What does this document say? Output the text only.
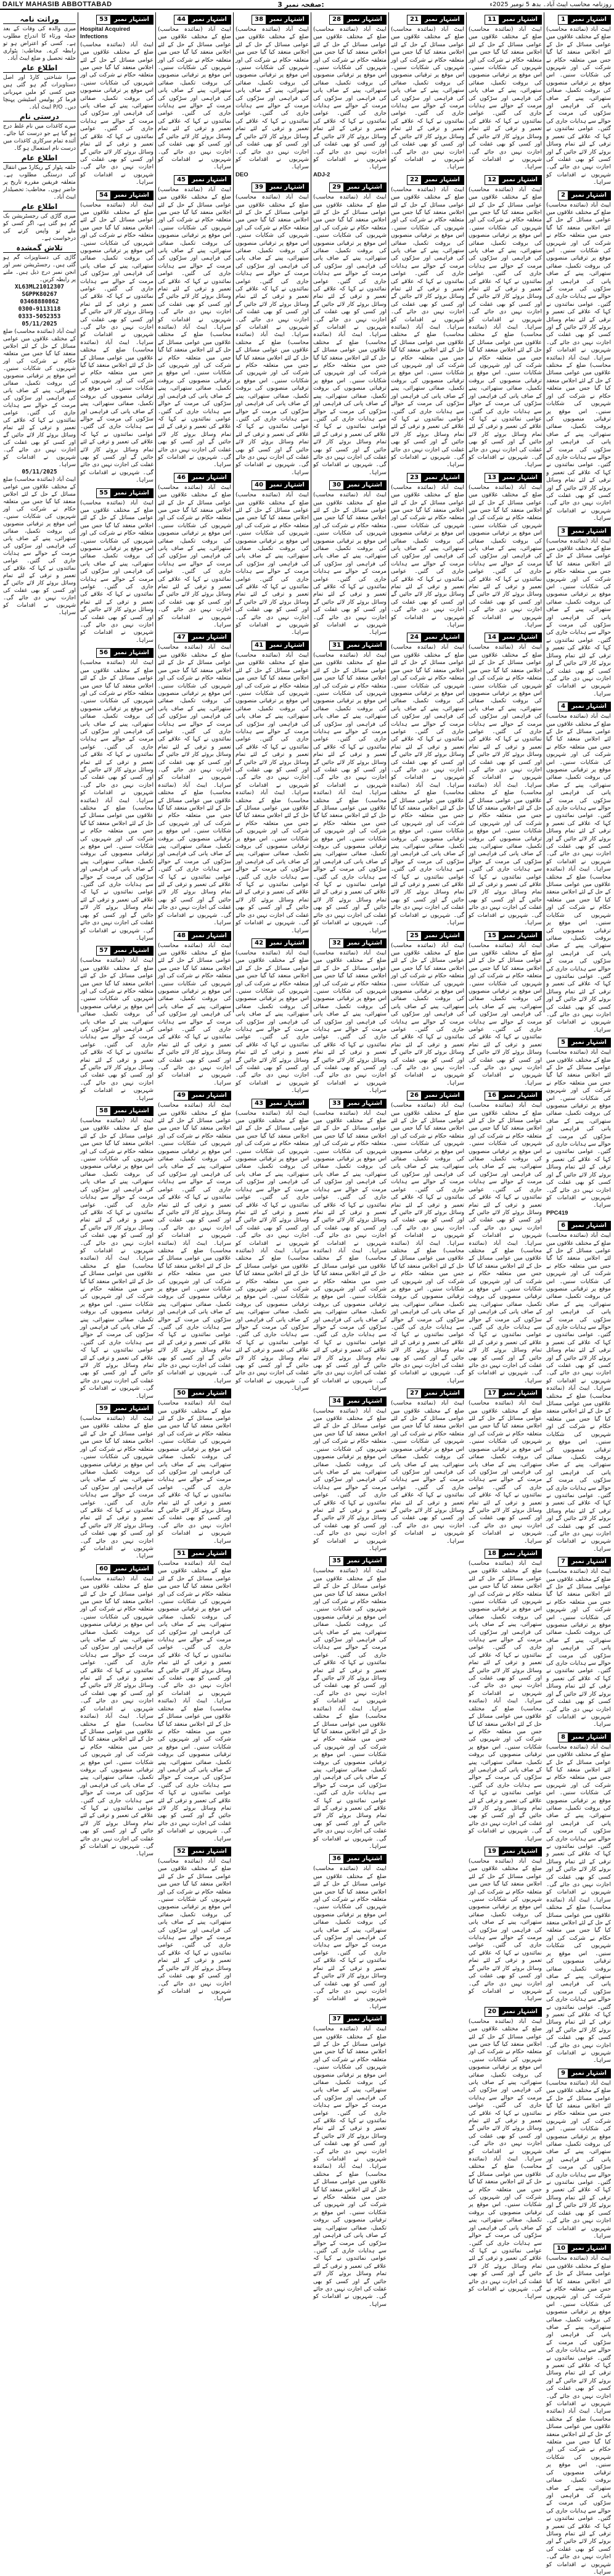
DAILY MAHASIB ABBOTTABAD	صفحہ نمبر 3:	روزنامہ محاسب ایبٹ آباد۔ بدھ 5 نومبر 2025ء
اشتہار نمبر1

ایبٹ آباد (نمائندہ محاسب) ضلع کے مختلف علاقوں میں عوامی مسائل کے حل کے لئے اجلاس منعقد کیا گیا جس میں متعلقہ حکام نے شرکت کی اور شہریوں کی شکایات سنیں۔ اس موقع پر ترقیاتی منصوبوں کی بروقت تکمیل، صفائی ستھرائی، پینے کے صاف پانی کی فراہمی اور سڑکوں کی مرمت کے حوالے سے ہدایات جاری کی گئیں۔ عوامی نمائندوں نے کہا کہ علاقے کی تعمیر و ترقی کے لئے تمام وسائل بروئے کار لائے جائیں گے اور کسی کو بھی غفلت کی اجازت نہیں دی جائے گی۔ شہریوں نے اقدامات کو سراہا۔

اشتہار نمبر2

ایبٹ آباد (نمائندہ محاسب) ضلع کے مختلف علاقوں میں عوامی مسائل کے حل کے لئے اجلاس منعقد کیا گیا جس میں متعلقہ حکام نے شرکت کی اور شہریوں کی شکایات سنیں۔ اس موقع پر ترقیاتی منصوبوں کی بروقت تکمیل، صفائی ستھرائی، پینے کے صاف پانی کی فراہمی اور سڑکوں کی مرمت کے حوالے سے ہدایات جاری کی گئیں۔ عوامی نمائندوں نے کہا کہ علاقے کی تعمیر و ترقی کے لئے تمام وسائل بروئے کار لائے جائیں گے اور کسی کو بھی غفلت کی اجازت نہیں دی جائے گی۔ شہریوں نے اقدامات کو سراہا۔ ایبٹ آباد (نمائندہ محاسب) ضلع کے مختلف علاقوں میں عوامی مسائل کے حل کے لئے اجلاس منعقد کیا گیا جس میں متعلقہ حکام نے شرکت کی اور شہریوں کی شکایات سنیں۔ اس موقع پر ترقیاتی منصوبوں کی بروقت تکمیل، صفائی ستھرائی، پینے کے صاف پانی کی فراہمی اور سڑکوں کی مرمت کے حوالے سے ہدایات جاری کی گئیں۔ عوامی نمائندوں نے کہا کہ علاقے کی تعمیر و ترقی کے لئے تمام وسائل بروئے کار لائے جائیں گے اور کسی کو بھی غفلت کی اجازت نہیں دی جائے گی۔ شہریوں نے اقدامات کو سراہا۔

اشتہار نمبر3

ایبٹ آباد (نمائندہ محاسب) ضلع کے مختلف علاقوں میں عوامی مسائل کے حل کے لئے اجلاس منعقد کیا گیا جس میں متعلقہ حکام نے شرکت کی اور شہریوں کی شکایات سنیں۔ اس موقع پر ترقیاتی منصوبوں کی بروقت تکمیل، صفائی ستھرائی، پینے کے صاف پانی کی فراہمی اور سڑکوں کی مرمت کے حوالے سے ہدایات جاری کی گئیں۔ عوامی نمائندوں نے کہا کہ علاقے کی تعمیر و ترقی کے لئے تمام وسائل بروئے کار لائے جائیں گے اور کسی کو بھی غفلت کی اجازت نہیں دی جائے گی۔ شہریوں نے اقدامات کو سراہا۔

اشتہار نمبر4

ایبٹ آباد (نمائندہ محاسب) ضلع کے مختلف علاقوں میں عوامی مسائل کے حل کے لئے اجلاس منعقد کیا گیا جس میں متعلقہ حکام نے شرکت کی اور شہریوں کی شکایات سنیں۔ اس موقع پر ترقیاتی منصوبوں کی بروقت تکمیل، صفائی ستھرائی، پینے کے صاف پانی کی فراہمی اور سڑکوں کی مرمت کے حوالے سے ہدایات جاری کی گئیں۔ عوامی نمائندوں نے کہا کہ علاقے کی تعمیر و ترقی کے لئے تمام وسائل بروئے کار لائے جائیں گے اور کسی کو بھی غفلت کی اجازت نہیں دی جائے گی۔ شہریوں نے اقدامات کو سراہا۔ ایبٹ آباد (نمائندہ محاسب) ضلع کے مختلف علاقوں میں عوامی مسائل کے حل کے لئے اجلاس منعقد کیا گیا جس میں متعلقہ حکام نے شرکت کی اور شہریوں کی شکایات سنیں۔ اس موقع پر ترقیاتی منصوبوں کی بروقت تکمیل، صفائی ستھرائی، پینے کے صاف پانی کی فراہمی اور سڑکوں کی مرمت کے حوالے سے ہدایات جاری کی گئیں۔ عوامی نمائندوں نے کہا کہ علاقے کی تعمیر و ترقی کے لئے تمام وسائل بروئے کار لائے جائیں گے اور کسی کو بھی غفلت کی اجازت نہیں دی جائے گی۔ شہریوں نے اقدامات کو سراہا۔

اشتہار نمبر5

ایبٹ آباد (نمائندہ محاسب) ضلع کے مختلف علاقوں میں عوامی مسائل کے حل کے لئے اجلاس منعقد کیا گیا جس میں متعلقہ حکام نے شرکت کی اور شہریوں کی شکایات سنیں۔ اس موقع پر ترقیاتی منصوبوں کی بروقت تکمیل، صفائی ستھرائی، پینے کے صاف پانی کی فراہمی اور سڑکوں کی مرمت کے حوالے سے ہدایات جاری کی گئیں۔ عوامی نمائندوں نے کہا کہ علاقے کی تعمیر و ترقی کے لئے تمام وسائل بروئے کار لائے جائیں گے اور کسی کو بھی غفلت کی اجازت نہیں دی جائے گی۔ شہریوں نے اقدامات کو سراہا۔

PPC419
اشتہار نمبر6

ایبٹ آباد (نمائندہ محاسب) ضلع کے مختلف علاقوں میں عوامی مسائل کے حل کے لئے اجلاس منعقد کیا گیا جس میں متعلقہ حکام نے شرکت کی اور شہریوں کی شکایات سنیں۔ اس موقع پر ترقیاتی منصوبوں کی بروقت تکمیل، صفائی ستھرائی، پینے کے صاف پانی کی فراہمی اور سڑکوں کی مرمت کے حوالے سے ہدایات جاری کی گئیں۔ عوامی نمائندوں نے کہا کہ علاقے کی تعمیر و ترقی کے لئے تمام وسائل بروئے کار لائے جائیں گے اور کسی کو بھی غفلت کی اجازت نہیں دی جائے گی۔ شہریوں نے اقدامات کو سراہا۔ ایبٹ آباد (نمائندہ محاسب) ضلع کے مختلف علاقوں میں عوامی مسائل کے حل کے لئے اجلاس منعقد کیا گیا جس میں متعلقہ حکام نے شرکت کی اور شہریوں کی شکایات سنیں۔ اس موقع پر ترقیاتی منصوبوں کی بروقت تکمیل، صفائی ستھرائی، پینے کے صاف پانی کی فراہمی اور سڑکوں کی مرمت کے حوالے سے ہدایات جاری کی گئیں۔ عوامی نمائندوں نے کہا کہ علاقے کی تعمیر و ترقی کے لئے تمام وسائل بروئے کار لائے جائیں گے اور کسی کو بھی غفلت کی اجازت نہیں دی جائے گی۔ شہریوں نے اقدامات کو سراہا۔

اشتہار نمبر7

ایبٹ آباد (نمائندہ محاسب) ضلع کے مختلف علاقوں میں عوامی مسائل کے حل کے لئے اجلاس منعقد کیا گیا جس میں متعلقہ حکام نے شرکت کی اور شہریوں کی شکایات سنیں۔ اس موقع پر ترقیاتی منصوبوں کی بروقت تکمیل، صفائی ستھرائی، پینے کے صاف پانی کی فراہمی اور سڑکوں کی مرمت کے حوالے سے ہدایات جاری کی گئیں۔ عوامی نمائندوں نے کہا کہ علاقے کی تعمیر و ترقی کے لئے تمام وسائل بروئے کار لائے جائیں گے اور کسی کو بھی غفلت کی اجازت نہیں دی جائے گی۔ شہریوں نے اقدامات کو سراہا۔

اشتہار نمبر8

ایبٹ آباد (نمائندہ محاسب) ضلع کے مختلف علاقوں میں عوامی مسائل کے حل کے لئے اجلاس منعقد کیا گیا جس میں متعلقہ حکام نے شرکت کی اور شہریوں کی شکایات سنیں۔ اس موقع پر ترقیاتی منصوبوں کی بروقت تکمیل، صفائی ستھرائی، پینے کے صاف پانی کی فراہمی اور سڑکوں کی مرمت کے حوالے سے ہدایات جاری کی گئیں۔ عوامی نمائندوں نے کہا کہ علاقے کی تعمیر و ترقی کے لئے تمام وسائل بروئے کار لائے جائیں گے اور کسی کو بھی غفلت کی اجازت نہیں دی جائے گی۔ شہریوں نے اقدامات کو سراہا۔ ایبٹ آباد (نمائندہ محاسب) ضلع کے مختلف علاقوں میں عوامی مسائل کے حل کے لئے اجلاس منعقد کیا گیا جس میں متعلقہ حکام نے شرکت کی اور شہریوں کی شکایات سنیں۔ اس موقع پر ترقیاتی منصوبوں کی بروقت تکمیل، صفائی ستھرائی، پینے کے صاف پانی کی فراہمی اور سڑکوں کی مرمت کے حوالے سے ہدایات جاری کی گئیں۔ عوامی نمائندوں نے کہا کہ علاقے کی تعمیر و ترقی کے لئے تمام وسائل بروئے کار لائے جائیں گے اور کسی کو بھی غفلت کی اجازت نہیں دی جائے گی۔ شہریوں نے اقدامات کو سراہا۔

اشتہار نمبر9

ایبٹ آباد (نمائندہ محاسب) ضلع کے مختلف علاقوں میں عوامی مسائل کے حل کے لئے اجلاس منعقد کیا گیا جس میں متعلقہ حکام نے شرکت کی اور شہریوں کی شکایات سنیں۔ اس موقع پر ترقیاتی منصوبوں کی بروقت تکمیل، صفائی ستھرائی، پینے کے صاف پانی کی فراہمی اور سڑکوں کی مرمت کے حوالے سے ہدایات جاری کی گئیں۔ عوامی نمائندوں نے کہا کہ علاقے کی تعمیر و ترقی کے لئے تمام وسائل بروئے کار لائے جائیں گے اور کسی کو بھی غفلت کی اجازت نہیں دی جائے گی۔ شہریوں نے اقدامات کو سراہا۔

اشتہار نمبر10

ایبٹ آباد (نمائندہ محاسب) ضلع کے مختلف علاقوں میں عوامی مسائل کے حل کے لئے اجلاس منعقد کیا گیا جس میں متعلقہ حکام نے شرکت کی اور شہریوں کی شکایات سنیں۔ اس موقع پر ترقیاتی منصوبوں کی بروقت تکمیل، صفائی ستھرائی، پینے کے صاف پانی کی فراہمی اور سڑکوں کی مرمت کے حوالے سے ہدایات جاری کی گئیں۔ عوامی نمائندوں نے کہا کہ علاقے کی تعمیر و ترقی کے لئے تمام وسائل بروئے کار لائے جائیں گے اور کسی کو بھی غفلت کی اجازت نہیں دی جائے گی۔ شہریوں نے اقدامات کو سراہا۔ ایبٹ آباد (نمائندہ محاسب) ضلع کے مختلف علاقوں میں عوامی مسائل کے حل کے لئے اجلاس منعقد کیا گیا جس میں متعلقہ حکام نے شرکت کی اور شہریوں کی شکایات سنیں۔ اس موقع پر ترقیاتی منصوبوں کی بروقت تکمیل، صفائی ستھرائی، پینے کے صاف پانی کی فراہمی اور سڑکوں کی مرمت کے حوالے سے ہدایات جاری کی گئیں۔ عوامی نمائندوں نے کہا کہ علاقے کی تعمیر و ترقی کے لئے تمام وسائل بروئے کار لائے جائیں گے اور کسی کو بھی غفلت کی اجازت نہیں دی جائے گی۔ شہریوں نے اقدامات کو سراہا۔

اشتہار نمبر11

ایبٹ آباد (نمائندہ محاسب) ضلع کے مختلف علاقوں میں عوامی مسائل کے حل کے لئے اجلاس منعقد کیا گیا جس میں متعلقہ حکام نے شرکت کی اور شہریوں کی شکایات سنیں۔ اس موقع پر ترقیاتی منصوبوں کی بروقت تکمیل، صفائی ستھرائی، پینے کے صاف پانی کی فراہمی اور سڑکوں کی مرمت کے حوالے سے ہدایات جاری کی گئیں۔ عوامی نمائندوں نے کہا کہ علاقے کی تعمیر و ترقی کے لئے تمام وسائل بروئے کار لائے جائیں گے اور کسی کو بھی غفلت کی اجازت نہیں دی جائے گی۔ شہریوں نے اقدامات کو سراہا۔

اشتہار نمبر12

ایبٹ آباد (نمائندہ محاسب) ضلع کے مختلف علاقوں میں عوامی مسائل کے حل کے لئے اجلاس منعقد کیا گیا جس میں متعلقہ حکام نے شرکت کی اور شہریوں کی شکایات سنیں۔ اس موقع پر ترقیاتی منصوبوں کی بروقت تکمیل، صفائی ستھرائی، پینے کے صاف پانی کی فراہمی اور سڑکوں کی مرمت کے حوالے سے ہدایات جاری کی گئیں۔ عوامی نمائندوں نے کہا کہ علاقے کی تعمیر و ترقی کے لئے تمام وسائل بروئے کار لائے جائیں گے اور کسی کو بھی غفلت کی اجازت نہیں دی جائے گی۔ شہریوں نے اقدامات کو سراہا۔ ایبٹ آباد (نمائندہ محاسب) ضلع کے مختلف علاقوں میں عوامی مسائل کے حل کے لئے اجلاس منعقد کیا گیا جس میں متعلقہ حکام نے شرکت کی اور شہریوں کی شکایات سنیں۔ اس موقع پر ترقیاتی منصوبوں کی بروقت تکمیل، صفائی ستھرائی، پینے کے صاف پانی کی فراہمی اور سڑکوں کی مرمت کے حوالے سے ہدایات جاری کی گئیں۔ عوامی نمائندوں نے کہا کہ علاقے کی تعمیر و ترقی کے لئے تمام وسائل بروئے کار لائے جائیں گے اور کسی کو بھی غفلت کی اجازت نہیں دی جائے گی۔ شہریوں نے اقدامات کو سراہا۔

اشتہار نمبر13

ایبٹ آباد (نمائندہ محاسب) ضلع کے مختلف علاقوں میں عوامی مسائل کے حل کے لئے اجلاس منعقد کیا گیا جس میں متعلقہ حکام نے شرکت کی اور شہریوں کی شکایات سنیں۔ اس موقع پر ترقیاتی منصوبوں کی بروقت تکمیل، صفائی ستھرائی، پینے کے صاف پانی کی فراہمی اور سڑکوں کی مرمت کے حوالے سے ہدایات جاری کی گئیں۔ عوامی نمائندوں نے کہا کہ علاقے کی تعمیر و ترقی کے لئے تمام وسائل بروئے کار لائے جائیں گے اور کسی کو بھی غفلت کی اجازت نہیں دی جائے گی۔ شہریوں نے اقدامات کو سراہا۔

اشتہار نمبر14

ایبٹ آباد (نمائندہ محاسب) ضلع کے مختلف علاقوں میں عوامی مسائل کے حل کے لئے اجلاس منعقد کیا گیا جس میں متعلقہ حکام نے شرکت کی اور شہریوں کی شکایات سنیں۔ اس موقع پر ترقیاتی منصوبوں کی بروقت تکمیل، صفائی ستھرائی، پینے کے صاف پانی کی فراہمی اور سڑکوں کی مرمت کے حوالے سے ہدایات جاری کی گئیں۔ عوامی نمائندوں نے کہا کہ علاقے کی تعمیر و ترقی کے لئے تمام وسائل بروئے کار لائے جائیں گے اور کسی کو بھی غفلت کی اجازت نہیں دی جائے گی۔ شہریوں نے اقدامات کو سراہا۔ ایبٹ آباد (نمائندہ محاسب) ضلع کے مختلف علاقوں میں عوامی مسائل کے حل کے لئے اجلاس منعقد کیا گیا جس میں متعلقہ حکام نے شرکت کی اور شہریوں کی شکایات سنیں۔ اس موقع پر ترقیاتی منصوبوں کی بروقت تکمیل، صفائی ستھرائی، پینے کے صاف پانی کی فراہمی اور سڑکوں کی مرمت کے حوالے سے ہدایات جاری کی گئیں۔ عوامی نمائندوں نے کہا کہ علاقے کی تعمیر و ترقی کے لئے تمام وسائل بروئے کار لائے جائیں گے اور کسی کو بھی غفلت کی اجازت نہیں دی جائے گی۔ شہریوں نے اقدامات کو سراہا۔

اشتہار نمبر15

ایبٹ آباد (نمائندہ محاسب) ضلع کے مختلف علاقوں میں عوامی مسائل کے حل کے لئے اجلاس منعقد کیا گیا جس میں متعلقہ حکام نے شرکت کی اور شہریوں کی شکایات سنیں۔ اس موقع پر ترقیاتی منصوبوں کی بروقت تکمیل، صفائی ستھرائی، پینے کے صاف پانی کی فراہمی اور سڑکوں کی مرمت کے حوالے سے ہدایات جاری کی گئیں۔ عوامی نمائندوں نے کہا کہ علاقے کی تعمیر و ترقی کے لئے تمام وسائل بروئے کار لائے جائیں گے اور کسی کو بھی غفلت کی اجازت نہیں دی جائے گی۔ شہریوں نے اقدامات کو سراہا۔

اشتہار نمبر16

ایبٹ آباد (نمائندہ محاسب) ضلع کے مختلف علاقوں میں عوامی مسائل کے حل کے لئے اجلاس منعقد کیا گیا جس میں متعلقہ حکام نے شرکت کی اور شہریوں کی شکایات سنیں۔ اس موقع پر ترقیاتی منصوبوں کی بروقت تکمیل، صفائی ستھرائی، پینے کے صاف پانی کی فراہمی اور سڑکوں کی مرمت کے حوالے سے ہدایات جاری کی گئیں۔ عوامی نمائندوں نے کہا کہ علاقے کی تعمیر و ترقی کے لئے تمام وسائل بروئے کار لائے جائیں گے اور کسی کو بھی غفلت کی اجازت نہیں دی جائے گی۔ شہریوں نے اقدامات کو سراہا۔ ایبٹ آباد (نمائندہ محاسب) ضلع کے مختلف علاقوں میں عوامی مسائل کے حل کے لئے اجلاس منعقد کیا گیا جس میں متعلقہ حکام نے شرکت کی اور شہریوں کی شکایات سنیں۔ اس موقع پر ترقیاتی منصوبوں کی بروقت تکمیل، صفائی ستھرائی، پینے کے صاف پانی کی فراہمی اور سڑکوں کی مرمت کے حوالے سے ہدایات جاری کی گئیں۔ عوامی نمائندوں نے کہا کہ علاقے کی تعمیر و ترقی کے لئے تمام وسائل بروئے کار لائے جائیں گے اور کسی کو بھی غفلت کی اجازت نہیں دی جائے گی۔ شہریوں نے اقدامات کو سراہا۔

اشتہار نمبر17

ایبٹ آباد (نمائندہ محاسب) ضلع کے مختلف علاقوں میں عوامی مسائل کے حل کے لئے اجلاس منعقد کیا گیا جس میں متعلقہ حکام نے شرکت کی اور شہریوں کی شکایات سنیں۔ اس موقع پر ترقیاتی منصوبوں کی بروقت تکمیل، صفائی ستھرائی، پینے کے صاف پانی کی فراہمی اور سڑکوں کی مرمت کے حوالے سے ہدایات جاری کی گئیں۔ عوامی نمائندوں نے کہا کہ علاقے کی تعمیر و ترقی کے لئے تمام وسائل بروئے کار لائے جائیں گے اور کسی کو بھی غفلت کی اجازت نہیں دی جائے گی۔ شہریوں نے اقدامات کو سراہا۔

اشتہار نمبر18

ایبٹ آباد (نمائندہ محاسب) ضلع کے مختلف علاقوں میں عوامی مسائل کے حل کے لئے اجلاس منعقد کیا گیا جس میں متعلقہ حکام نے شرکت کی اور شہریوں کی شکایات سنیں۔ اس موقع پر ترقیاتی منصوبوں کی بروقت تکمیل، صفائی ستھرائی، پینے کے صاف پانی کی فراہمی اور سڑکوں کی مرمت کے حوالے سے ہدایات جاری کی گئیں۔ عوامی نمائندوں نے کہا کہ علاقے کی تعمیر و ترقی کے لئے تمام وسائل بروئے کار لائے جائیں گے اور کسی کو بھی غفلت کی اجازت نہیں دی جائے گی۔ شہریوں نے اقدامات کو سراہا۔ ایبٹ آباد (نمائندہ محاسب) ضلع کے مختلف علاقوں میں عوامی مسائل کے حل کے لئے اجلاس منعقد کیا گیا جس میں متعلقہ حکام نے شرکت کی اور شہریوں کی شکایات سنیں۔ اس موقع پر ترقیاتی منصوبوں کی بروقت تکمیل، صفائی ستھرائی، پینے کے صاف پانی کی فراہمی اور سڑکوں کی مرمت کے حوالے سے ہدایات جاری کی گئیں۔ عوامی نمائندوں نے کہا کہ علاقے کی تعمیر و ترقی کے لئے تمام وسائل بروئے کار لائے جائیں گے اور کسی کو بھی غفلت کی اجازت نہیں دی جائے گی۔ شہریوں نے اقدامات کو سراہا۔

اشتہار نمبر19

ایبٹ آباد (نمائندہ محاسب) ضلع کے مختلف علاقوں میں عوامی مسائل کے حل کے لئے اجلاس منعقد کیا گیا جس میں متعلقہ حکام نے شرکت کی اور شہریوں کی شکایات سنیں۔ اس موقع پر ترقیاتی منصوبوں کی بروقت تکمیل، صفائی ستھرائی، پینے کے صاف پانی کی فراہمی اور سڑکوں کی مرمت کے حوالے سے ہدایات جاری کی گئیں۔ عوامی نمائندوں نے کہا کہ علاقے کی تعمیر و ترقی کے لئے تمام وسائل بروئے کار لائے جائیں گے اور کسی کو بھی غفلت کی اجازت نہیں دی جائے گی۔ شہریوں نے اقدامات کو سراہا۔

اشتہار نمبر20

ایبٹ آباد (نمائندہ محاسب) ضلع کے مختلف علاقوں میں عوامی مسائل کے حل کے لئے اجلاس منعقد کیا گیا جس میں متعلقہ حکام نے شرکت کی اور شہریوں کی شکایات سنیں۔ اس موقع پر ترقیاتی منصوبوں کی بروقت تکمیل، صفائی ستھرائی، پینے کے صاف پانی کی فراہمی اور سڑکوں کی مرمت کے حوالے سے ہدایات جاری کی گئیں۔ عوامی نمائندوں نے کہا کہ علاقے کی تعمیر و ترقی کے لئے تمام وسائل بروئے کار لائے جائیں گے اور کسی کو بھی غفلت کی اجازت نہیں دی جائے گی۔ شہریوں نے اقدامات کو سراہا۔ ایبٹ آباد (نمائندہ محاسب) ضلع کے مختلف علاقوں میں عوامی مسائل کے حل کے لئے اجلاس منعقد کیا گیا جس میں متعلقہ حکام نے شرکت کی اور شہریوں کی شکایات سنیں۔ اس موقع پر ترقیاتی منصوبوں کی بروقت تکمیل، صفائی ستھرائی، پینے کے صاف پانی کی فراہمی اور سڑکوں کی مرمت کے حوالے سے ہدایات جاری کی گئیں۔ عوامی نمائندوں نے کہا کہ علاقے کی تعمیر و ترقی کے لئے تمام وسائل بروئے کار لائے جائیں گے اور کسی کو بھی غفلت کی اجازت نہیں دی جائے گی۔ شہریوں نے اقدامات کو سراہا۔

اشتہار نمبر21

ایبٹ آباد (نمائندہ محاسب) ضلع کے مختلف علاقوں میں عوامی مسائل کے حل کے لئے اجلاس منعقد کیا گیا جس میں متعلقہ حکام نے شرکت کی اور شہریوں کی شکایات سنیں۔ اس موقع پر ترقیاتی منصوبوں کی بروقت تکمیل، صفائی ستھرائی، پینے کے صاف پانی کی فراہمی اور سڑکوں کی مرمت کے حوالے سے ہدایات جاری کی گئیں۔ عوامی نمائندوں نے کہا کہ علاقے کی تعمیر و ترقی کے لئے تمام وسائل بروئے کار لائے جائیں گے اور کسی کو بھی غفلت کی اجازت نہیں دی جائے گی۔ شہریوں نے اقدامات کو سراہا۔

اشتہار نمبر22

ایبٹ آباد (نمائندہ محاسب) ضلع کے مختلف علاقوں میں عوامی مسائل کے حل کے لئے اجلاس منعقد کیا گیا جس میں متعلقہ حکام نے شرکت کی اور شہریوں کی شکایات سنیں۔ اس موقع پر ترقیاتی منصوبوں کی بروقت تکمیل، صفائی ستھرائی، پینے کے صاف پانی کی فراہمی اور سڑکوں کی مرمت کے حوالے سے ہدایات جاری کی گئیں۔ عوامی نمائندوں نے کہا کہ علاقے کی تعمیر و ترقی کے لئے تمام وسائل بروئے کار لائے جائیں گے اور کسی کو بھی غفلت کی اجازت نہیں دی جائے گی۔ شہریوں نے اقدامات کو سراہا۔ ایبٹ آباد (نمائندہ محاسب) ضلع کے مختلف علاقوں میں عوامی مسائل کے حل کے لئے اجلاس منعقد کیا گیا جس میں متعلقہ حکام نے شرکت کی اور شہریوں کی شکایات سنیں۔ اس موقع پر ترقیاتی منصوبوں کی بروقت تکمیل، صفائی ستھرائی، پینے کے صاف پانی کی فراہمی اور سڑکوں کی مرمت کے حوالے سے ہدایات جاری کی گئیں۔ عوامی نمائندوں نے کہا کہ علاقے کی تعمیر و ترقی کے لئے تمام وسائل بروئے کار لائے جائیں گے اور کسی کو بھی غفلت کی اجازت نہیں دی جائے گی۔ شہریوں نے اقدامات کو سراہا۔

اشتہار نمبر23

ایبٹ آباد (نمائندہ محاسب) ضلع کے مختلف علاقوں میں عوامی مسائل کے حل کے لئے اجلاس منعقد کیا گیا جس میں متعلقہ حکام نے شرکت کی اور شہریوں کی شکایات سنیں۔ اس موقع پر ترقیاتی منصوبوں کی بروقت تکمیل، صفائی ستھرائی، پینے کے صاف پانی کی فراہمی اور سڑکوں کی مرمت کے حوالے سے ہدایات جاری کی گئیں۔ عوامی نمائندوں نے کہا کہ علاقے کی تعمیر و ترقی کے لئے تمام وسائل بروئے کار لائے جائیں گے اور کسی کو بھی غفلت کی اجازت نہیں دی جائے گی۔ شہریوں نے اقدامات کو سراہا۔

اشتہار نمبر24

ایبٹ آباد (نمائندہ محاسب) ضلع کے مختلف علاقوں میں عوامی مسائل کے حل کے لئے اجلاس منعقد کیا گیا جس میں متعلقہ حکام نے شرکت کی اور شہریوں کی شکایات سنیں۔ اس موقع پر ترقیاتی منصوبوں کی بروقت تکمیل، صفائی ستھرائی، پینے کے صاف پانی کی فراہمی اور سڑکوں کی مرمت کے حوالے سے ہدایات جاری کی گئیں۔ عوامی نمائندوں نے کہا کہ علاقے کی تعمیر و ترقی کے لئے تمام وسائل بروئے کار لائے جائیں گے اور کسی کو بھی غفلت کی اجازت نہیں دی جائے گی۔ شہریوں نے اقدامات کو سراہا۔ ایبٹ آباد (نمائندہ محاسب) ضلع کے مختلف علاقوں میں عوامی مسائل کے حل کے لئے اجلاس منعقد کیا گیا جس میں متعلقہ حکام نے شرکت کی اور شہریوں کی شکایات سنیں۔ اس موقع پر ترقیاتی منصوبوں کی بروقت تکمیل، صفائی ستھرائی، پینے کے صاف پانی کی فراہمی اور سڑکوں کی مرمت کے حوالے سے ہدایات جاری کی گئیں۔ عوامی نمائندوں نے کہا کہ علاقے کی تعمیر و ترقی کے لئے تمام وسائل بروئے کار لائے جائیں گے اور کسی کو بھی غفلت کی اجازت نہیں دی جائے گی۔ شہریوں نے اقدامات کو سراہا۔

اشتہار نمبر25

ایبٹ آباد (نمائندہ محاسب) ضلع کے مختلف علاقوں میں عوامی مسائل کے حل کے لئے اجلاس منعقد کیا گیا جس میں متعلقہ حکام نے شرکت کی اور شہریوں کی شکایات سنیں۔ اس موقع پر ترقیاتی منصوبوں کی بروقت تکمیل، صفائی ستھرائی، پینے کے صاف پانی کی فراہمی اور سڑکوں کی مرمت کے حوالے سے ہدایات جاری کی گئیں۔ عوامی نمائندوں نے کہا کہ علاقے کی تعمیر و ترقی کے لئے تمام وسائل بروئے کار لائے جائیں گے اور کسی کو بھی غفلت کی اجازت نہیں دی جائے گی۔ شہریوں نے اقدامات کو سراہا۔

اشتہار نمبر26

ایبٹ آباد (نمائندہ محاسب) ضلع کے مختلف علاقوں میں عوامی مسائل کے حل کے لئے اجلاس منعقد کیا گیا جس میں متعلقہ حکام نے شرکت کی اور شہریوں کی شکایات سنیں۔ اس موقع پر ترقیاتی منصوبوں کی بروقت تکمیل، صفائی ستھرائی، پینے کے صاف پانی کی فراہمی اور سڑکوں کی مرمت کے حوالے سے ہدایات جاری کی گئیں۔ عوامی نمائندوں نے کہا کہ علاقے کی تعمیر و ترقی کے لئے تمام وسائل بروئے کار لائے جائیں گے اور کسی کو بھی غفلت کی اجازت نہیں دی جائے گی۔ شہریوں نے اقدامات کو سراہا۔ ایبٹ آباد (نمائندہ محاسب) ضلع کے مختلف علاقوں میں عوامی مسائل کے حل کے لئے اجلاس منعقد کیا گیا جس میں متعلقہ حکام نے شرکت کی اور شہریوں کی شکایات سنیں۔ اس موقع پر ترقیاتی منصوبوں کی بروقت تکمیل، صفائی ستھرائی، پینے کے صاف پانی کی فراہمی اور سڑکوں کی مرمت کے حوالے سے ہدایات جاری کی گئیں۔ عوامی نمائندوں نے کہا کہ علاقے کی تعمیر و ترقی کے لئے تمام وسائل بروئے کار لائے جائیں گے اور کسی کو بھی غفلت کی اجازت نہیں دی جائے گی۔ شہریوں نے اقدامات کو سراہا۔

اشتہار نمبر27

ایبٹ آباد (نمائندہ محاسب) ضلع کے مختلف علاقوں میں عوامی مسائل کے حل کے لئے اجلاس منعقد کیا گیا جس میں متعلقہ حکام نے شرکت کی اور شہریوں کی شکایات سنیں۔ اس موقع پر ترقیاتی منصوبوں کی بروقت تکمیل، صفائی ستھرائی، پینے کے صاف پانی کی فراہمی اور سڑکوں کی مرمت کے حوالے سے ہدایات جاری کی گئیں۔ عوامی نمائندوں نے کہا کہ علاقے کی تعمیر و ترقی کے لئے تمام وسائل بروئے کار لائے جائیں گے اور کسی کو بھی غفلت کی اجازت نہیں دی جائے گی۔ شہریوں نے اقدامات کو سراہا۔

اشتہار نمبر28

ایبٹ آباد (نمائندہ محاسب) ضلع کے مختلف علاقوں میں عوامی مسائل کے حل کے لئے اجلاس منعقد کیا گیا جس میں متعلقہ حکام نے شرکت کی اور شہریوں کی شکایات سنیں۔ اس موقع پر ترقیاتی منصوبوں کی بروقت تکمیل، صفائی ستھرائی، پینے کے صاف پانی کی فراہمی اور سڑکوں کی مرمت کے حوالے سے ہدایات جاری کی گئیں۔ عوامی نمائندوں نے کہا کہ علاقے کی تعمیر و ترقی کے لئے تمام وسائل بروئے کار لائے جائیں گے اور کسی کو بھی غفلت کی اجازت نہیں دی جائے گی۔ شہریوں نے اقدامات کو سراہا۔

ADJ-2
اشتہار نمبر29

ایبٹ آباد (نمائندہ محاسب) ضلع کے مختلف علاقوں میں عوامی مسائل کے حل کے لئے اجلاس منعقد کیا گیا جس میں متعلقہ حکام نے شرکت کی اور شہریوں کی شکایات سنیں۔ اس موقع پر ترقیاتی منصوبوں کی بروقت تکمیل، صفائی ستھرائی، پینے کے صاف پانی کی فراہمی اور سڑکوں کی مرمت کے حوالے سے ہدایات جاری کی گئیں۔ عوامی نمائندوں نے کہا کہ علاقے کی تعمیر و ترقی کے لئے تمام وسائل بروئے کار لائے جائیں گے اور کسی کو بھی غفلت کی اجازت نہیں دی جائے گی۔ شہریوں نے اقدامات کو سراہا۔ ایبٹ آباد (نمائندہ محاسب) ضلع کے مختلف علاقوں میں عوامی مسائل کے حل کے لئے اجلاس منعقد کیا گیا جس میں متعلقہ حکام نے شرکت کی اور شہریوں کی شکایات سنیں۔ اس موقع پر ترقیاتی منصوبوں کی بروقت تکمیل، صفائی ستھرائی، پینے کے صاف پانی کی فراہمی اور سڑکوں کی مرمت کے حوالے سے ہدایات جاری کی گئیں۔ عوامی نمائندوں نے کہا کہ علاقے کی تعمیر و ترقی کے لئے تمام وسائل بروئے کار لائے جائیں گے اور کسی کو بھی غفلت کی اجازت نہیں دی جائے گی۔ شہریوں نے اقدامات کو سراہا۔

اشتہار نمبر30

ایبٹ آباد (نمائندہ محاسب) ضلع کے مختلف علاقوں میں عوامی مسائل کے حل کے لئے اجلاس منعقد کیا گیا جس میں متعلقہ حکام نے شرکت کی اور شہریوں کی شکایات سنیں۔ اس موقع پر ترقیاتی منصوبوں کی بروقت تکمیل، صفائی ستھرائی، پینے کے صاف پانی کی فراہمی اور سڑکوں کی مرمت کے حوالے سے ہدایات جاری کی گئیں۔ عوامی نمائندوں نے کہا کہ علاقے کی تعمیر و ترقی کے لئے تمام وسائل بروئے کار لائے جائیں گے اور کسی کو بھی غفلت کی اجازت نہیں دی جائے گی۔ شہریوں نے اقدامات کو سراہا۔

اشتہار نمبر31

ایبٹ آباد (نمائندہ محاسب) ضلع کے مختلف علاقوں میں عوامی مسائل کے حل کے لئے اجلاس منعقد کیا گیا جس میں متعلقہ حکام نے شرکت کی اور شہریوں کی شکایات سنیں۔ اس موقع پر ترقیاتی منصوبوں کی بروقت تکمیل، صفائی ستھرائی، پینے کے صاف پانی کی فراہمی اور سڑکوں کی مرمت کے حوالے سے ہدایات جاری کی گئیں۔ عوامی نمائندوں نے کہا کہ علاقے کی تعمیر و ترقی کے لئے تمام وسائل بروئے کار لائے جائیں گے اور کسی کو بھی غفلت کی اجازت نہیں دی جائے گی۔ شہریوں نے اقدامات کو سراہا۔ ایبٹ آباد (نمائندہ محاسب) ضلع کے مختلف علاقوں میں عوامی مسائل کے حل کے لئے اجلاس منعقد کیا گیا جس میں متعلقہ حکام نے شرکت کی اور شہریوں کی شکایات سنیں۔ اس موقع پر ترقیاتی منصوبوں کی بروقت تکمیل، صفائی ستھرائی، پینے کے صاف پانی کی فراہمی اور سڑکوں کی مرمت کے حوالے سے ہدایات جاری کی گئیں۔ عوامی نمائندوں نے کہا کہ علاقے کی تعمیر و ترقی کے لئے تمام وسائل بروئے کار لائے جائیں گے اور کسی کو بھی غفلت کی اجازت نہیں دی جائے گی۔ شہریوں نے اقدامات کو سراہا۔

اشتہار نمبر32

ایبٹ آباد (نمائندہ محاسب) ضلع کے مختلف علاقوں میں عوامی مسائل کے حل کے لئے اجلاس منعقد کیا گیا جس میں متعلقہ حکام نے شرکت کی اور شہریوں کی شکایات سنیں۔ اس موقع پر ترقیاتی منصوبوں کی بروقت تکمیل، صفائی ستھرائی، پینے کے صاف پانی کی فراہمی اور سڑکوں کی مرمت کے حوالے سے ہدایات جاری کی گئیں۔ عوامی نمائندوں نے کہا کہ علاقے کی تعمیر و ترقی کے لئے تمام وسائل بروئے کار لائے جائیں گے اور کسی کو بھی غفلت کی اجازت نہیں دی جائے گی۔ شہریوں نے اقدامات کو سراہا۔

اشتہار نمبر33

ایبٹ آباد (نمائندہ محاسب) ضلع کے مختلف علاقوں میں عوامی مسائل کے حل کے لئے اجلاس منعقد کیا گیا جس میں متعلقہ حکام نے شرکت کی اور شہریوں کی شکایات سنیں۔ اس موقع پر ترقیاتی منصوبوں کی بروقت تکمیل، صفائی ستھرائی، پینے کے صاف پانی کی فراہمی اور سڑکوں کی مرمت کے حوالے سے ہدایات جاری کی گئیں۔ عوامی نمائندوں نے کہا کہ علاقے کی تعمیر و ترقی کے لئے تمام وسائل بروئے کار لائے جائیں گے اور کسی کو بھی غفلت کی اجازت نہیں دی جائے گی۔ شہریوں نے اقدامات کو سراہا۔ ایبٹ آباد (نمائندہ محاسب) ضلع کے مختلف علاقوں میں عوامی مسائل کے حل کے لئے اجلاس منعقد کیا گیا جس میں متعلقہ حکام نے شرکت کی اور شہریوں کی شکایات سنیں۔ اس موقع پر ترقیاتی منصوبوں کی بروقت تکمیل، صفائی ستھرائی، پینے کے صاف پانی کی فراہمی اور سڑکوں کی مرمت کے حوالے سے ہدایات جاری کی گئیں۔ عوامی نمائندوں نے کہا کہ علاقے کی تعمیر و ترقی کے لئے تمام وسائل بروئے کار لائے جائیں گے اور کسی کو بھی غفلت کی اجازت نہیں دی جائے گی۔ شہریوں نے اقدامات کو سراہا۔

اشتہار نمبر34

ایبٹ آباد (نمائندہ محاسب) ضلع کے مختلف علاقوں میں عوامی مسائل کے حل کے لئے اجلاس منعقد کیا گیا جس میں متعلقہ حکام نے شرکت کی اور شہریوں کی شکایات سنیں۔ اس موقع پر ترقیاتی منصوبوں کی بروقت تکمیل، صفائی ستھرائی، پینے کے صاف پانی کی فراہمی اور سڑکوں کی مرمت کے حوالے سے ہدایات جاری کی گئیں۔ عوامی نمائندوں نے کہا کہ علاقے کی تعمیر و ترقی کے لئے تمام وسائل بروئے کار لائے جائیں گے اور کسی کو بھی غفلت کی اجازت نہیں دی جائے گی۔ شہریوں نے اقدامات کو سراہا۔

اشتہار نمبر35

ایبٹ آباد (نمائندہ محاسب) ضلع کے مختلف علاقوں میں عوامی مسائل کے حل کے لئے اجلاس منعقد کیا گیا جس میں متعلقہ حکام نے شرکت کی اور شہریوں کی شکایات سنیں۔ اس موقع پر ترقیاتی منصوبوں کی بروقت تکمیل، صفائی ستھرائی، پینے کے صاف پانی کی فراہمی اور سڑکوں کی مرمت کے حوالے سے ہدایات جاری کی گئیں۔ عوامی نمائندوں نے کہا کہ علاقے کی تعمیر و ترقی کے لئے تمام وسائل بروئے کار لائے جائیں گے اور کسی کو بھی غفلت کی اجازت نہیں دی جائے گی۔ شہریوں نے اقدامات کو سراہا۔ ایبٹ آباد (نمائندہ محاسب) ضلع کے مختلف علاقوں میں عوامی مسائل کے حل کے لئے اجلاس منعقد کیا گیا جس میں متعلقہ حکام نے شرکت کی اور شہریوں کی شکایات سنیں۔ اس موقع پر ترقیاتی منصوبوں کی بروقت تکمیل، صفائی ستھرائی، پینے کے صاف پانی کی فراہمی اور سڑکوں کی مرمت کے حوالے سے ہدایات جاری کی گئیں۔ عوامی نمائندوں نے کہا کہ علاقے کی تعمیر و ترقی کے لئے تمام وسائل بروئے کار لائے جائیں گے اور کسی کو بھی غفلت کی اجازت نہیں دی جائے گی۔ شہریوں نے اقدامات کو سراہا۔

اشتہار نمبر36

ایبٹ آباد (نمائندہ محاسب) ضلع کے مختلف علاقوں میں عوامی مسائل کے حل کے لئے اجلاس منعقد کیا گیا جس میں متعلقہ حکام نے شرکت کی اور شہریوں کی شکایات سنیں۔ اس موقع پر ترقیاتی منصوبوں کی بروقت تکمیل، صفائی ستھرائی، پینے کے صاف پانی کی فراہمی اور سڑکوں کی مرمت کے حوالے سے ہدایات جاری کی گئیں۔ عوامی نمائندوں نے کہا کہ علاقے کی تعمیر و ترقی کے لئے تمام وسائل بروئے کار لائے جائیں گے اور کسی کو بھی غفلت کی اجازت نہیں دی جائے گی۔ شہریوں نے اقدامات کو سراہا۔

اشتہار نمبر37

ایبٹ آباد (نمائندہ محاسب) ضلع کے مختلف علاقوں میں عوامی مسائل کے حل کے لئے اجلاس منعقد کیا گیا جس میں متعلقہ حکام نے شرکت کی اور شہریوں کی شکایات سنیں۔ اس موقع پر ترقیاتی منصوبوں کی بروقت تکمیل، صفائی ستھرائی، پینے کے صاف پانی کی فراہمی اور سڑکوں کی مرمت کے حوالے سے ہدایات جاری کی گئیں۔ عوامی نمائندوں نے کہا کہ علاقے کی تعمیر و ترقی کے لئے تمام وسائل بروئے کار لائے جائیں گے اور کسی کو بھی غفلت کی اجازت نہیں دی جائے گی۔ شہریوں نے اقدامات کو سراہا۔ ایبٹ آباد (نمائندہ محاسب) ضلع کے مختلف علاقوں میں عوامی مسائل کے حل کے لئے اجلاس منعقد کیا گیا جس میں متعلقہ حکام نے شرکت کی اور شہریوں کی شکایات سنیں۔ اس موقع پر ترقیاتی منصوبوں کی بروقت تکمیل، صفائی ستھرائی، پینے کے صاف پانی کی فراہمی اور سڑکوں کی مرمت کے حوالے سے ہدایات جاری کی گئیں۔ عوامی نمائندوں نے کہا کہ علاقے کی تعمیر و ترقی کے لئے تمام وسائل بروئے کار لائے جائیں گے اور کسی کو بھی غفلت کی اجازت نہیں دی جائے گی۔ شہریوں نے اقدامات کو سراہا۔

اشتہار نمبر38

ایبٹ آباد (نمائندہ محاسب) ضلع کے مختلف علاقوں میں عوامی مسائل کے حل کے لئے اجلاس منعقد کیا گیا جس میں متعلقہ حکام نے شرکت کی اور شہریوں کی شکایات سنیں۔ اس موقع پر ترقیاتی منصوبوں کی بروقت تکمیل، صفائی ستھرائی، پینے کے صاف پانی کی فراہمی اور سڑکوں کی مرمت کے حوالے سے ہدایات جاری کی گئیں۔ عوامی نمائندوں نے کہا کہ علاقے کی تعمیر و ترقی کے لئے تمام وسائل بروئے کار لائے جائیں گے اور کسی کو بھی غفلت کی اجازت نہیں دی جائے گی۔ شہریوں نے اقدامات کو سراہا۔

DEO
اشتہار نمبر39

ایبٹ آباد (نمائندہ محاسب) ضلع کے مختلف علاقوں میں عوامی مسائل کے حل کے لئے اجلاس منعقد کیا گیا جس میں متعلقہ حکام نے شرکت کی اور شہریوں کی شکایات سنیں۔ اس موقع پر ترقیاتی منصوبوں کی بروقت تکمیل، صفائی ستھرائی، پینے کے صاف پانی کی فراہمی اور سڑکوں کی مرمت کے حوالے سے ہدایات جاری کی گئیں۔ عوامی نمائندوں نے کہا کہ علاقے کی تعمیر و ترقی کے لئے تمام وسائل بروئے کار لائے جائیں گے اور کسی کو بھی غفلت کی اجازت نہیں دی جائے گی۔ شہریوں نے اقدامات کو سراہا۔ ایبٹ آباد (نمائندہ محاسب) ضلع کے مختلف علاقوں میں عوامی مسائل کے حل کے لئے اجلاس منعقد کیا گیا جس میں متعلقہ حکام نے شرکت کی اور شہریوں کی شکایات سنیں۔ اس موقع پر ترقیاتی منصوبوں کی بروقت تکمیل، صفائی ستھرائی، پینے کے صاف پانی کی فراہمی اور سڑکوں کی مرمت کے حوالے سے ہدایات جاری کی گئیں۔ عوامی نمائندوں نے کہا کہ علاقے کی تعمیر و ترقی کے لئے تمام وسائل بروئے کار لائے جائیں گے اور کسی کو بھی غفلت کی اجازت نہیں دی جائے گی۔ شہریوں نے اقدامات کو سراہا۔

اشتہار نمبر40

ایبٹ آباد (نمائندہ محاسب) ضلع کے مختلف علاقوں میں عوامی مسائل کے حل کے لئے اجلاس منعقد کیا گیا جس میں متعلقہ حکام نے شرکت کی اور شہریوں کی شکایات سنیں۔ اس موقع پر ترقیاتی منصوبوں کی بروقت تکمیل، صفائی ستھرائی، پینے کے صاف پانی کی فراہمی اور سڑکوں کی مرمت کے حوالے سے ہدایات جاری کی گئیں۔ عوامی نمائندوں نے کہا کہ علاقے کی تعمیر و ترقی کے لئے تمام وسائل بروئے کار لائے جائیں گے اور کسی کو بھی غفلت کی اجازت نہیں دی جائے گی۔ شہریوں نے اقدامات کو سراہا۔

اشتہار نمبر41

ایبٹ آباد (نمائندہ محاسب) ضلع کے مختلف علاقوں میں عوامی مسائل کے حل کے لئے اجلاس منعقد کیا گیا جس میں متعلقہ حکام نے شرکت کی اور شہریوں کی شکایات سنیں۔ اس موقع پر ترقیاتی منصوبوں کی بروقت تکمیل، صفائی ستھرائی، پینے کے صاف پانی کی فراہمی اور سڑکوں کی مرمت کے حوالے سے ہدایات جاری کی گئیں۔ عوامی نمائندوں نے کہا کہ علاقے کی تعمیر و ترقی کے لئے تمام وسائل بروئے کار لائے جائیں گے اور کسی کو بھی غفلت کی اجازت نہیں دی جائے گی۔ شہریوں نے اقدامات کو سراہا۔ ایبٹ آباد (نمائندہ محاسب) ضلع کے مختلف علاقوں میں عوامی مسائل کے حل کے لئے اجلاس منعقد کیا گیا جس میں متعلقہ حکام نے شرکت کی اور شہریوں کی شکایات سنیں۔ اس موقع پر ترقیاتی منصوبوں کی بروقت تکمیل، صفائی ستھرائی، پینے کے صاف پانی کی فراہمی اور سڑکوں کی مرمت کے حوالے سے ہدایات جاری کی گئیں۔ عوامی نمائندوں نے کہا کہ علاقے کی تعمیر و ترقی کے لئے تمام وسائل بروئے کار لائے جائیں گے اور کسی کو بھی غفلت کی اجازت نہیں دی جائے گی۔ شہریوں نے اقدامات کو سراہا۔

اشتہار نمبر42

ایبٹ آباد (نمائندہ محاسب) ضلع کے مختلف علاقوں میں عوامی مسائل کے حل کے لئے اجلاس منعقد کیا گیا جس میں متعلقہ حکام نے شرکت کی اور شہریوں کی شکایات سنیں۔ اس موقع پر ترقیاتی منصوبوں کی بروقت تکمیل، صفائی ستھرائی، پینے کے صاف پانی کی فراہمی اور سڑکوں کی مرمت کے حوالے سے ہدایات جاری کی گئیں۔ عوامی نمائندوں نے کہا کہ علاقے کی تعمیر و ترقی کے لئے تمام وسائل بروئے کار لائے جائیں گے اور کسی کو بھی غفلت کی اجازت نہیں دی جائے گی۔ شہریوں نے اقدامات کو سراہا۔

اشتہار نمبر43

ایبٹ آباد (نمائندہ محاسب) ضلع کے مختلف علاقوں میں عوامی مسائل کے حل کے لئے اجلاس منعقد کیا گیا جس میں متعلقہ حکام نے شرکت کی اور شہریوں کی شکایات سنیں۔ اس موقع پر ترقیاتی منصوبوں کی بروقت تکمیل، صفائی ستھرائی، پینے کے صاف پانی کی فراہمی اور سڑکوں کی مرمت کے حوالے سے ہدایات جاری کی گئیں۔ عوامی نمائندوں نے کہا کہ علاقے کی تعمیر و ترقی کے لئے تمام وسائل بروئے کار لائے جائیں گے اور کسی کو بھی غفلت کی اجازت نہیں دی جائے گی۔ شہریوں نے اقدامات کو سراہا۔ ایبٹ آباد (نمائندہ محاسب) ضلع کے مختلف علاقوں میں عوامی مسائل کے حل کے لئے اجلاس منعقد کیا گیا جس میں متعلقہ حکام نے شرکت کی اور شہریوں کی شکایات سنیں۔ اس موقع پر ترقیاتی منصوبوں کی بروقت تکمیل، صفائی ستھرائی، پینے کے صاف پانی کی فراہمی اور سڑکوں کی مرمت کے حوالے سے ہدایات جاری کی گئیں۔ عوامی نمائندوں نے کہا کہ علاقے کی تعمیر و ترقی کے لئے تمام وسائل بروئے کار لائے جائیں گے اور کسی کو بھی غفلت کی اجازت نہیں دی جائے گی۔ شہریوں نے اقدامات کو سراہا۔

اشتہار نمبر44

ایبٹ آباد (نمائندہ محاسب) ضلع کے مختلف علاقوں میں عوامی مسائل کے حل کے لئے اجلاس منعقد کیا گیا جس میں متعلقہ حکام نے شرکت کی اور شہریوں کی شکایات سنیں۔ اس موقع پر ترقیاتی منصوبوں کی بروقت تکمیل، صفائی ستھرائی، پینے کے صاف پانی کی فراہمی اور سڑکوں کی مرمت کے حوالے سے ہدایات جاری کی گئیں۔ عوامی نمائندوں نے کہا کہ علاقے کی تعمیر و ترقی کے لئے تمام وسائل بروئے کار لائے جائیں گے اور کسی کو بھی غفلت کی اجازت نہیں دی جائے گی۔ شہریوں نے اقدامات کو سراہا۔

اشتہار نمبر45

ایبٹ آباد (نمائندہ محاسب) ضلع کے مختلف علاقوں میں عوامی مسائل کے حل کے لئے اجلاس منعقد کیا گیا جس میں متعلقہ حکام نے شرکت کی اور شہریوں کی شکایات سنیں۔ اس موقع پر ترقیاتی منصوبوں کی بروقت تکمیل، صفائی ستھرائی، پینے کے صاف پانی کی فراہمی اور سڑکوں کی مرمت کے حوالے سے ہدایات جاری کی گئیں۔ عوامی نمائندوں نے کہا کہ علاقے کی تعمیر و ترقی کے لئے تمام وسائل بروئے کار لائے جائیں گے اور کسی کو بھی غفلت کی اجازت نہیں دی جائے گی۔ شہریوں نے اقدامات کو سراہا۔ ایبٹ آباد (نمائندہ محاسب) ضلع کے مختلف علاقوں میں عوامی مسائل کے حل کے لئے اجلاس منعقد کیا گیا جس میں متعلقہ حکام نے شرکت کی اور شہریوں کی شکایات سنیں۔ اس موقع پر ترقیاتی منصوبوں کی بروقت تکمیل، صفائی ستھرائی، پینے کے صاف پانی کی فراہمی اور سڑکوں کی مرمت کے حوالے سے ہدایات جاری کی گئیں۔ عوامی نمائندوں نے کہا کہ علاقے کی تعمیر و ترقی کے لئے تمام وسائل بروئے کار لائے جائیں گے اور کسی کو بھی غفلت کی اجازت نہیں دی جائے گی۔ شہریوں نے اقدامات کو سراہا۔

اشتہار نمبر46

ایبٹ آباد (نمائندہ محاسب) ضلع کے مختلف علاقوں میں عوامی مسائل کے حل کے لئے اجلاس منعقد کیا گیا جس میں متعلقہ حکام نے شرکت کی اور شہریوں کی شکایات سنیں۔ اس موقع پر ترقیاتی منصوبوں کی بروقت تکمیل، صفائی ستھرائی، پینے کے صاف پانی کی فراہمی اور سڑکوں کی مرمت کے حوالے سے ہدایات جاری کی گئیں۔ عوامی نمائندوں نے کہا کہ علاقے کی تعمیر و ترقی کے لئے تمام وسائل بروئے کار لائے جائیں گے اور کسی کو بھی غفلت کی اجازت نہیں دی جائے گی۔ شہریوں نے اقدامات کو سراہا۔

اشتہار نمبر47

ایبٹ آباد (نمائندہ محاسب) ضلع کے مختلف علاقوں میں عوامی مسائل کے حل کے لئے اجلاس منعقد کیا گیا جس میں متعلقہ حکام نے شرکت کی اور شہریوں کی شکایات سنیں۔ اس موقع پر ترقیاتی منصوبوں کی بروقت تکمیل، صفائی ستھرائی، پینے کے صاف پانی کی فراہمی اور سڑکوں کی مرمت کے حوالے سے ہدایات جاری کی گئیں۔ عوامی نمائندوں نے کہا کہ علاقے کی تعمیر و ترقی کے لئے تمام وسائل بروئے کار لائے جائیں گے اور کسی کو بھی غفلت کی اجازت نہیں دی جائے گی۔ شہریوں نے اقدامات کو سراہا۔ ایبٹ آباد (نمائندہ محاسب) ضلع کے مختلف علاقوں میں عوامی مسائل کے حل کے لئے اجلاس منعقد کیا گیا جس میں متعلقہ حکام نے شرکت کی اور شہریوں کی شکایات سنیں۔ اس موقع پر ترقیاتی منصوبوں کی بروقت تکمیل، صفائی ستھرائی، پینے کے صاف پانی کی فراہمی اور سڑکوں کی مرمت کے حوالے سے ہدایات جاری کی گئیں۔ عوامی نمائندوں نے کہا کہ علاقے کی تعمیر و ترقی کے لئے تمام وسائل بروئے کار لائے جائیں گے اور کسی کو بھی غفلت کی اجازت نہیں دی جائے گی۔ شہریوں نے اقدامات کو سراہا۔

اشتہار نمبر48

ایبٹ آباد (نمائندہ محاسب) ضلع کے مختلف علاقوں میں عوامی مسائل کے حل کے لئے اجلاس منعقد کیا گیا جس میں متعلقہ حکام نے شرکت کی اور شہریوں کی شکایات سنیں۔ اس موقع پر ترقیاتی منصوبوں کی بروقت تکمیل، صفائی ستھرائی، پینے کے صاف پانی کی فراہمی اور سڑکوں کی مرمت کے حوالے سے ہدایات جاری کی گئیں۔ عوامی نمائندوں نے کہا کہ علاقے کی تعمیر و ترقی کے لئے تمام وسائل بروئے کار لائے جائیں گے اور کسی کو بھی غفلت کی اجازت نہیں دی جائے گی۔ شہریوں نے اقدامات کو سراہا۔

اشتہار نمبر49

ایبٹ آباد (نمائندہ محاسب) ضلع کے مختلف علاقوں میں عوامی مسائل کے حل کے لئے اجلاس منعقد کیا گیا جس میں متعلقہ حکام نے شرکت کی اور شہریوں کی شکایات سنیں۔ اس موقع پر ترقیاتی منصوبوں کی بروقت تکمیل، صفائی ستھرائی، پینے کے صاف پانی کی فراہمی اور سڑکوں کی مرمت کے حوالے سے ہدایات جاری کی گئیں۔ عوامی نمائندوں نے کہا کہ علاقے کی تعمیر و ترقی کے لئے تمام وسائل بروئے کار لائے جائیں گے اور کسی کو بھی غفلت کی اجازت نہیں دی جائے گی۔ شہریوں نے اقدامات کو سراہا۔ ایبٹ آباد (نمائندہ محاسب) ضلع کے مختلف علاقوں میں عوامی مسائل کے حل کے لئے اجلاس منعقد کیا گیا جس میں متعلقہ حکام نے شرکت کی اور شہریوں کی شکایات سنیں۔ اس موقع پر ترقیاتی منصوبوں کی بروقت تکمیل، صفائی ستھرائی، پینے کے صاف پانی کی فراہمی اور سڑکوں کی مرمت کے حوالے سے ہدایات جاری کی گئیں۔ عوامی نمائندوں نے کہا کہ علاقے کی تعمیر و ترقی کے لئے تمام وسائل بروئے کار لائے جائیں گے اور کسی کو بھی غفلت کی اجازت نہیں دی جائے گی۔ شہریوں نے اقدامات کو سراہا۔

اشتہار نمبر50

ایبٹ آباد (نمائندہ محاسب) ضلع کے مختلف علاقوں میں عوامی مسائل کے حل کے لئے اجلاس منعقد کیا گیا جس میں متعلقہ حکام نے شرکت کی اور شہریوں کی شکایات سنیں۔ اس موقع پر ترقیاتی منصوبوں کی بروقت تکمیل، صفائی ستھرائی، پینے کے صاف پانی کی فراہمی اور سڑکوں کی مرمت کے حوالے سے ہدایات جاری کی گئیں۔ عوامی نمائندوں نے کہا کہ علاقے کی تعمیر و ترقی کے لئے تمام وسائل بروئے کار لائے جائیں گے اور کسی کو بھی غفلت کی اجازت نہیں دی جائے گی۔ شہریوں نے اقدامات کو سراہا۔

اشتہار نمبر51

ایبٹ آباد (نمائندہ محاسب) ضلع کے مختلف علاقوں میں عوامی مسائل کے حل کے لئے اجلاس منعقد کیا گیا جس میں متعلقہ حکام نے شرکت کی اور شہریوں کی شکایات سنیں۔ اس موقع پر ترقیاتی منصوبوں کی بروقت تکمیل، صفائی ستھرائی، پینے کے صاف پانی کی فراہمی اور سڑکوں کی مرمت کے حوالے سے ہدایات جاری کی گئیں۔ عوامی نمائندوں نے کہا کہ علاقے کی تعمیر و ترقی کے لئے تمام وسائل بروئے کار لائے جائیں گے اور کسی کو بھی غفلت کی اجازت نہیں دی جائے گی۔ شہریوں نے اقدامات کو سراہا۔ ایبٹ آباد (نمائندہ محاسب) ضلع کے مختلف علاقوں میں عوامی مسائل کے حل کے لئے اجلاس منعقد کیا گیا جس میں متعلقہ حکام نے شرکت کی اور شہریوں کی شکایات سنیں۔ اس موقع پر ترقیاتی منصوبوں کی بروقت تکمیل، صفائی ستھرائی، پینے کے صاف پانی کی فراہمی اور سڑکوں کی مرمت کے حوالے سے ہدایات جاری کی گئیں۔ عوامی نمائندوں نے کہا کہ علاقے کی تعمیر و ترقی کے لئے تمام وسائل بروئے کار لائے جائیں گے اور کسی کو بھی غفلت کی اجازت نہیں دی جائے گی۔ شہریوں نے اقدامات کو سراہا۔

اشتہار نمبر52

ایبٹ آباد (نمائندہ محاسب) ضلع کے مختلف علاقوں میں عوامی مسائل کے حل کے لئے اجلاس منعقد کیا گیا جس میں متعلقہ حکام نے شرکت کی اور شہریوں کی شکایات سنیں۔ اس موقع پر ترقیاتی منصوبوں کی بروقت تکمیل، صفائی ستھرائی، پینے کے صاف پانی کی فراہمی اور سڑکوں کی مرمت کے حوالے سے ہدایات جاری کی گئیں۔ عوامی نمائندوں نے کہا کہ علاقے کی تعمیر و ترقی کے لئے تمام وسائل بروئے کار لائے جائیں گے اور کسی کو بھی غفلت کی اجازت نہیں دی جائے گی۔ شہریوں نے اقدامات کو سراہا۔

اشتہار نمبر53
Hospital Acquired Infections

ایبٹ آباد (نمائندہ محاسب) ضلع کے مختلف علاقوں میں عوامی مسائل کے حل کے لئے اجلاس منعقد کیا گیا جس میں متعلقہ حکام نے شرکت کی اور شہریوں کی شکایات سنیں۔ اس موقع پر ترقیاتی منصوبوں کی بروقت تکمیل، صفائی ستھرائی، پینے کے صاف پانی کی فراہمی اور سڑکوں کی مرمت کے حوالے سے ہدایات جاری کی گئیں۔ عوامی نمائندوں نے کہا کہ علاقے کی تعمیر و ترقی کے لئے تمام وسائل بروئے کار لائے جائیں گے اور کسی کو بھی غفلت کی اجازت نہیں دی جائے گی۔ شہریوں نے اقدامات کو سراہا۔

اشتہار نمبر54

ایبٹ آباد (نمائندہ محاسب) ضلع کے مختلف علاقوں میں عوامی مسائل کے حل کے لئے اجلاس منعقد کیا گیا جس میں متعلقہ حکام نے شرکت کی اور شہریوں کی شکایات سنیں۔ اس موقع پر ترقیاتی منصوبوں کی بروقت تکمیل، صفائی ستھرائی، پینے کے صاف پانی کی فراہمی اور سڑکوں کی مرمت کے حوالے سے ہدایات جاری کی گئیں۔ عوامی نمائندوں نے کہا کہ علاقے کی تعمیر و ترقی کے لئے تمام وسائل بروئے کار لائے جائیں گے اور کسی کو بھی غفلت کی اجازت نہیں دی جائے گی۔ شہریوں نے اقدامات کو سراہا۔ ایبٹ آباد (نمائندہ محاسب) ضلع کے مختلف علاقوں میں عوامی مسائل کے حل کے لئے اجلاس منعقد کیا گیا جس میں متعلقہ حکام نے شرکت کی اور شہریوں کی شکایات سنیں۔ اس موقع پر ترقیاتی منصوبوں کی بروقت تکمیل، صفائی ستھرائی، پینے کے صاف پانی کی فراہمی اور سڑکوں کی مرمت کے حوالے سے ہدایات جاری کی گئیں۔ عوامی نمائندوں نے کہا کہ علاقے کی تعمیر و ترقی کے لئے تمام وسائل بروئے کار لائے جائیں گے اور کسی کو بھی غفلت کی اجازت نہیں دی جائے گی۔ شہریوں نے اقدامات کو سراہا۔

اشتہار نمبر55

ایبٹ آباد (نمائندہ محاسب) ضلع کے مختلف علاقوں میں عوامی مسائل کے حل کے لئے اجلاس منعقد کیا گیا جس میں متعلقہ حکام نے شرکت کی اور شہریوں کی شکایات سنیں۔ اس موقع پر ترقیاتی منصوبوں کی بروقت تکمیل، صفائی ستھرائی، پینے کے صاف پانی کی فراہمی اور سڑکوں کی مرمت کے حوالے سے ہدایات جاری کی گئیں۔ عوامی نمائندوں نے کہا کہ علاقے کی تعمیر و ترقی کے لئے تمام وسائل بروئے کار لائے جائیں گے اور کسی کو بھی غفلت کی اجازت نہیں دی جائے گی۔ شہریوں نے اقدامات کو سراہا۔

اشتہار نمبر56

ایبٹ آباد (نمائندہ محاسب) ضلع کے مختلف علاقوں میں عوامی مسائل کے حل کے لئے اجلاس منعقد کیا گیا جس میں متعلقہ حکام نے شرکت کی اور شہریوں کی شکایات سنیں۔ اس موقع پر ترقیاتی منصوبوں کی بروقت تکمیل، صفائی ستھرائی، پینے کے صاف پانی کی فراہمی اور سڑکوں کی مرمت کے حوالے سے ہدایات جاری کی گئیں۔ عوامی نمائندوں نے کہا کہ علاقے کی تعمیر و ترقی کے لئے تمام وسائل بروئے کار لائے جائیں گے اور کسی کو بھی غفلت کی اجازت نہیں دی جائے گی۔ شہریوں نے اقدامات کو سراہا۔ ایبٹ آباد (نمائندہ محاسب) ضلع کے مختلف علاقوں میں عوامی مسائل کے حل کے لئے اجلاس منعقد کیا گیا جس میں متعلقہ حکام نے شرکت کی اور شہریوں کی شکایات سنیں۔ اس موقع پر ترقیاتی منصوبوں کی بروقت تکمیل، صفائی ستھرائی، پینے کے صاف پانی کی فراہمی اور سڑکوں کی مرمت کے حوالے سے ہدایات جاری کی گئیں۔ عوامی نمائندوں نے کہا کہ علاقے کی تعمیر و ترقی کے لئے تمام وسائل بروئے کار لائے جائیں گے اور کسی کو بھی غفلت کی اجازت نہیں دی جائے گی۔ شہریوں نے اقدامات کو سراہا۔

اشتہار نمبر57

ایبٹ آباد (نمائندہ محاسب) ضلع کے مختلف علاقوں میں عوامی مسائل کے حل کے لئے اجلاس منعقد کیا گیا جس میں متعلقہ حکام نے شرکت کی اور شہریوں کی شکایات سنیں۔ اس موقع پر ترقیاتی منصوبوں کی بروقت تکمیل، صفائی ستھرائی، پینے کے صاف پانی کی فراہمی اور سڑکوں کی مرمت کے حوالے سے ہدایات جاری کی گئیں۔ عوامی نمائندوں نے کہا کہ علاقے کی تعمیر و ترقی کے لئے تمام وسائل بروئے کار لائے جائیں گے اور کسی کو بھی غفلت کی اجازت نہیں دی جائے گی۔ شہریوں نے اقدامات کو سراہا۔

اشتہار نمبر58

ایبٹ آباد (نمائندہ محاسب) ضلع کے مختلف علاقوں میں عوامی مسائل کے حل کے لئے اجلاس منعقد کیا گیا جس میں متعلقہ حکام نے شرکت کی اور شہریوں کی شکایات سنیں۔ اس موقع پر ترقیاتی منصوبوں کی بروقت تکمیل، صفائی ستھرائی، پینے کے صاف پانی کی فراہمی اور سڑکوں کی مرمت کے حوالے سے ہدایات جاری کی گئیں۔ عوامی نمائندوں نے کہا کہ علاقے کی تعمیر و ترقی کے لئے تمام وسائل بروئے کار لائے جائیں گے اور کسی کو بھی غفلت کی اجازت نہیں دی جائے گی۔ شہریوں نے اقدامات کو سراہا۔ ایبٹ آباد (نمائندہ محاسب) ضلع کے مختلف علاقوں میں عوامی مسائل کے حل کے لئے اجلاس منعقد کیا گیا جس میں متعلقہ حکام نے شرکت کی اور شہریوں کی شکایات سنیں۔ اس موقع پر ترقیاتی منصوبوں کی بروقت تکمیل، صفائی ستھرائی، پینے کے صاف پانی کی فراہمی اور سڑکوں کی مرمت کے حوالے سے ہدایات جاری کی گئیں۔ عوامی نمائندوں نے کہا کہ علاقے کی تعمیر و ترقی کے لئے تمام وسائل بروئے کار لائے جائیں گے اور کسی کو بھی غفلت کی اجازت نہیں دی جائے گی۔ شہریوں نے اقدامات کو سراہا۔

اشتہار نمبر59

ایبٹ آباد (نمائندہ محاسب) ضلع کے مختلف علاقوں میں عوامی مسائل کے حل کے لئے اجلاس منعقد کیا گیا جس میں متعلقہ حکام نے شرکت کی اور شہریوں کی شکایات سنیں۔ اس موقع پر ترقیاتی منصوبوں کی بروقت تکمیل، صفائی ستھرائی، پینے کے صاف پانی کی فراہمی اور سڑکوں کی مرمت کے حوالے سے ہدایات جاری کی گئیں۔ عوامی نمائندوں نے کہا کہ علاقے کی تعمیر و ترقی کے لئے تمام وسائل بروئے کار لائے جائیں گے اور کسی کو بھی غفلت کی اجازت نہیں دی جائے گی۔ شہریوں نے اقدامات کو سراہا۔

اشتہار نمبر60

ایبٹ آباد (نمائندہ محاسب) ضلع کے مختلف علاقوں میں عوامی مسائل کے حل کے لئے اجلاس منعقد کیا گیا جس میں متعلقہ حکام نے شرکت کی اور شہریوں کی شکایات سنیں۔ اس موقع پر ترقیاتی منصوبوں کی بروقت تکمیل، صفائی ستھرائی، پینے کے صاف پانی کی فراہمی اور سڑکوں کی مرمت کے حوالے سے ہدایات جاری کی گئیں۔ عوامی نمائندوں نے کہا کہ علاقے کی تعمیر و ترقی کے لئے تمام وسائل بروئے کار لائے جائیں گے اور کسی کو بھی غفلت کی اجازت نہیں دی جائے گی۔ شہریوں نے اقدامات کو سراہا۔ ایبٹ آباد (نمائندہ محاسب) ضلع کے مختلف علاقوں میں عوامی مسائل کے حل کے لئے اجلاس منعقد کیا گیا جس میں متعلقہ حکام نے شرکت کی اور شہریوں کی شکایات سنیں۔ اس موقع پر ترقیاتی منصوبوں کی بروقت تکمیل، صفائی ستھرائی، پینے کے صاف پانی کی فراہمی اور سڑکوں کی مرمت کے حوالے سے ہدایات جاری کی گئیں۔ عوامی نمائندوں نے کہا کہ علاقے کی تعمیر و ترقی کے لئے تمام وسائل بروئے کار لائے جائیں گے اور کسی کو بھی غفلت کی اجازت نہیں دی جائے گی۔ شہریوں نے اقدامات کو سراہا۔

وراثت نامہ

میری والدہ کی وفات کے بعد جملہ ورثاء کا اندراج مطلوب ہے۔ کسی کو اعتراض ہو تو رابطہ کرے۔ مخاطب: پٹواری حلقہ تحصیل و ضلع ایبٹ آباد۔

اطلاع عام

میرا شناختی کارڈ اور اصل دستاویزات گم ہو گئی ہیں جس کسی کو ملیں مہربانی فرما کر پولیس اسٹیشن پہنچا دیں۔ P/O ایبٹ آباد۔

درستی نام

میرے کاغذات میں نام غلط درج ہو گیا ہے جو درست کیا جائے۔ آئندہ تمام سرکاری کاغذات میں درست نام استعمال ہو گا۔

اطلاع عام

حلقہ پٹوار کے ریکارڈ میں انتقال کی درستگی مطلوب ہے۔ متعلقہ فریقین مقررہ تاریخ پر حاضر ہوں۔ مخاطب: تحصیلدار ایبٹ آباد۔

اطلاع عام

میری گاڑی کی رجسٹریشن بک گم ہو گئی ہے، اگر کسی کو ملے تو واپس کرنے کی درخواست ہے۔

تلاش گمشدہ

گاڑی کی دستاویزات گم ہو گئی ہیں۔ رجسٹریشن نمبر اور انجن نمبر درج ذیل ہیں۔ ملنے پر رابطہ کریں۔

XL63ML21012307
SGPPK80267
03468880862
0300-9113118
0333-5052353
05/11/2025

ایبٹ آباد (نمائندہ محاسب) ضلع کے مختلف علاقوں میں عوامی مسائل کے حل کے لئے اجلاس منعقد کیا گیا جس میں متعلقہ حکام نے شرکت کی اور شہریوں کی شکایات سنیں۔ اس موقع پر ترقیاتی منصوبوں کی بروقت تکمیل، صفائی ستھرائی، پینے کے صاف پانی کی فراہمی اور سڑکوں کی مرمت کے حوالے سے ہدایات جاری کی گئیں۔ عوامی نمائندوں نے کہا کہ علاقے کی تعمیر و ترقی کے لئے تمام وسائل بروئے کار لائے جائیں گے اور کسی کو بھی غفلت کی اجازت نہیں دی جائے گی۔ شہریوں نے اقدامات کو سراہا۔

05/11/2025

ایبٹ آباد (نمائندہ محاسب) ضلع کے مختلف علاقوں میں عوامی مسائل کے حل کے لئے اجلاس منعقد کیا گیا جس میں متعلقہ حکام نے شرکت کی اور شہریوں کی شکایات سنیں۔ اس موقع پر ترقیاتی منصوبوں کی بروقت تکمیل، صفائی ستھرائی، پینے کے صاف پانی کی فراہمی اور سڑکوں کی مرمت کے حوالے سے ہدایات جاری کی گئیں۔ عوامی نمائندوں نے کہا کہ علاقے کی تعمیر و ترقی کے لئے تمام وسائل بروئے کار لائے جائیں گے اور کسی کو بھی غفلت کی اجازت نہیں دی جائے گی۔ شہریوں نے اقدامات کو سراہا۔
